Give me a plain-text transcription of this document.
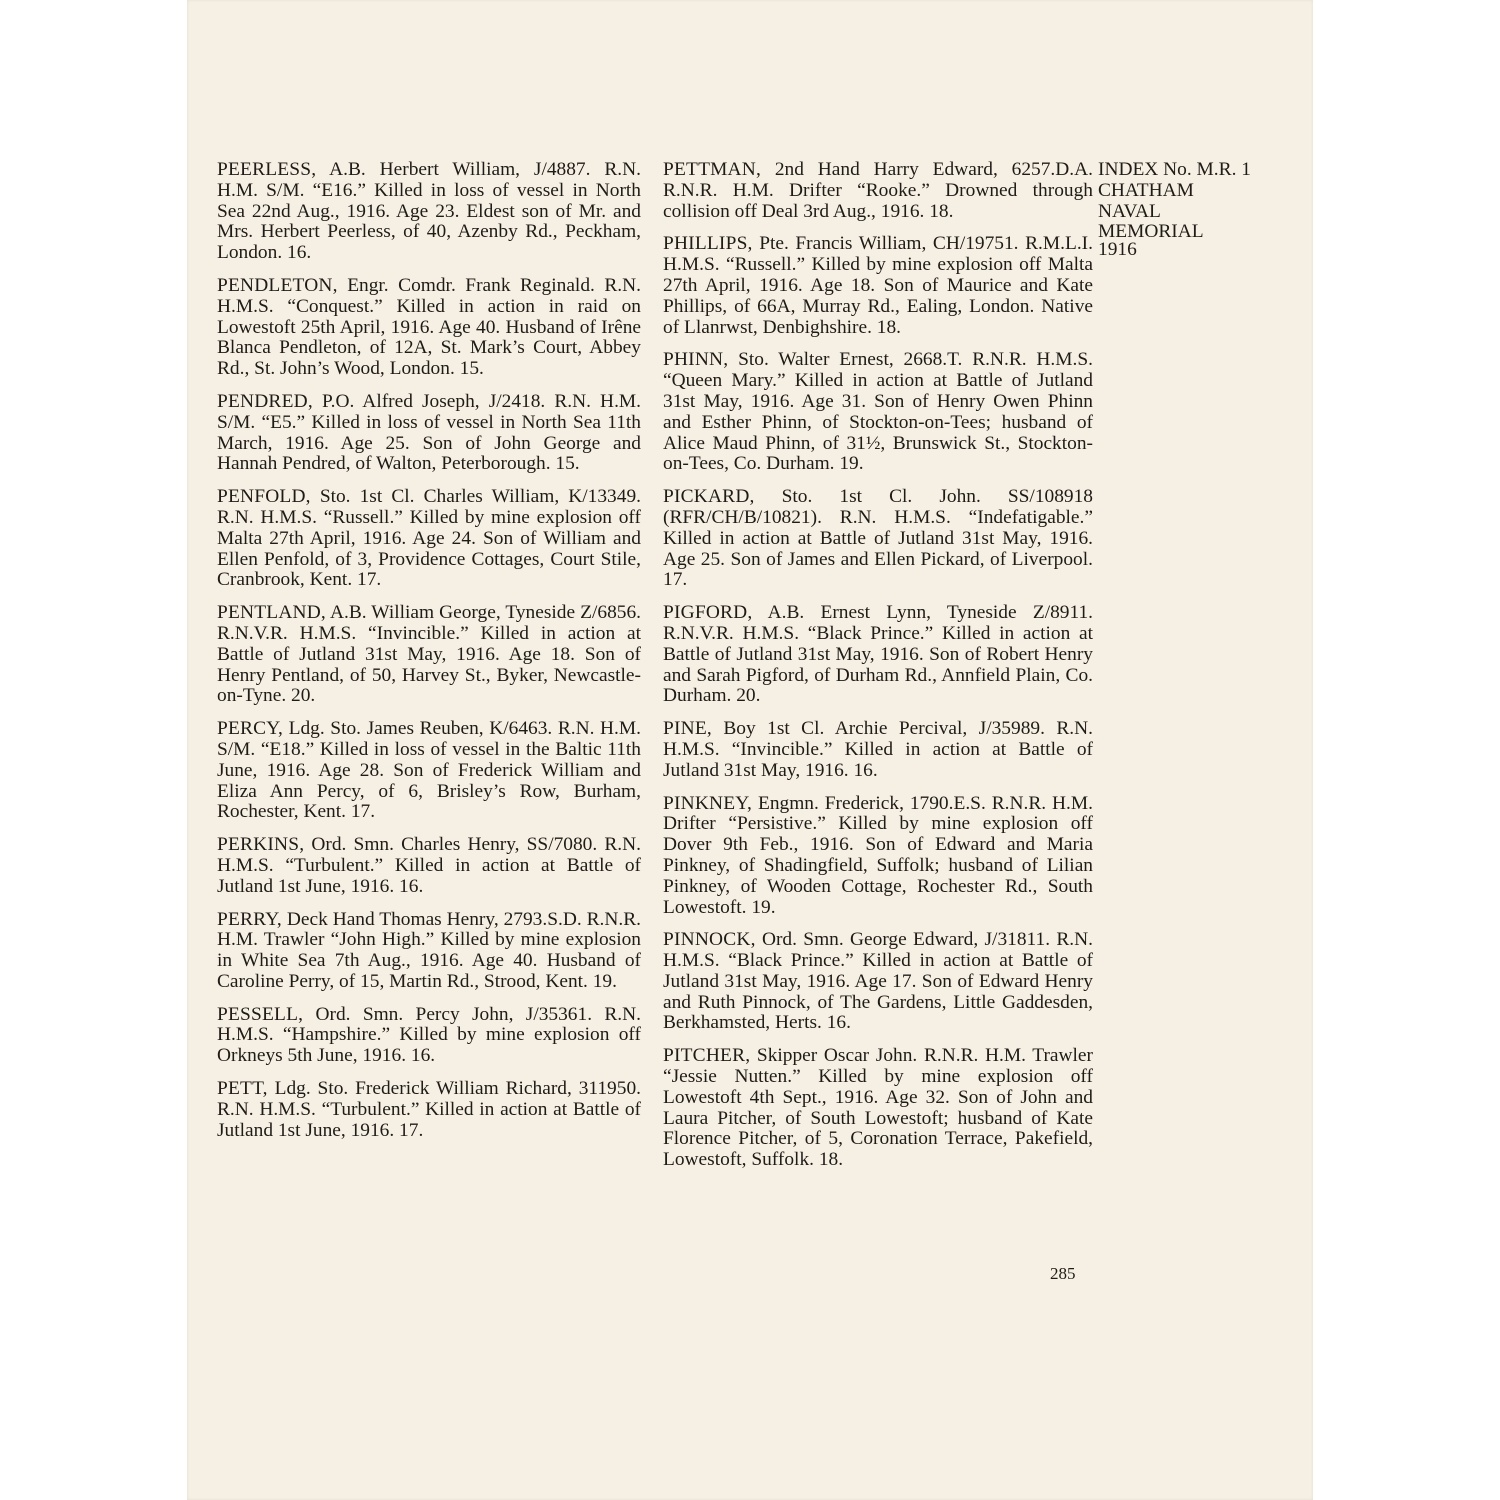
PEERLESS, A.B. Herbert William, J/4887. R.N. H.M. S/M. “E16.” Killed in loss of vessel in North Sea 22nd Aug., 1916. Age 23. Eldest son of Mr. and Mrs. Herbert Peerless, of 40, Azenby Rd., Peckham, London. 16.

PENDLETON, Engr. Comdr. Frank Reginald. R.N. H.M.S. “Conquest.” Killed in action in raid on Lowestoft 25th April, 1916. Age 40. Husband of Irêne Blanca Pendleton, of 12A, St. Mark’s Court, Abbey Rd., St. John’s Wood, London. 15.

PENDRED, P.O. Alfred Joseph, J/2418. R.N. H.M. S/M. “E5.” Killed in loss of vessel in North Sea 11th March, 1916. Age 25. Son of John George and Hannah Pendred, of Walton, Peterborough. 15.

PENFOLD, Sto. 1st Cl. Charles William, K/13349. R.N. H.M.S. “Russell.” Killed by mine explosion off Malta 27th April, 1916. Age 24. Son of William and Ellen Penfold, of 3, Providence Cottages, Court Stile, Cranbrook, Kent. 17.

PENTLAND, A.B. William George, Tyneside Z/6856. R.N.V.R. H.M.S. “Invincible.” Killed in action at Battle of Jutland 31st May, 1916. Age 18. Son of Henry Pentland, of 50, Harvey St., Byker, Newcastle-on-Tyne. 20.

PERCY, Ldg. Sto. James Reuben, K/6463. R.N. H.M. S/M. “E18.” Killed in loss of vessel in the Baltic 11th June, 1916. Age 28. Son of Frederick William and Eliza Ann Percy, of 6, Brisley’s Row, Burham, Rochester, Kent. 17.

PERKINS, Ord. Smn. Charles Henry, SS/7080. R.N. H.M.S. “Turbulent.” Killed in action at Battle of Jutland 1st June, 1916. 16.

PERRY, Deck Hand Thomas Henry, 2793.S.D. R.N.R. H.M. Trawler “John High.” Killed by mine explosion in White Sea 7th Aug., 1916. Age 40. Husband of Caroline Perry, of 15, Martin Rd., Strood, Kent. 19.

PESSELL, Ord. Smn. Percy John, J/35361. R.N. H.M.S. “Hampshire.” Killed by mine explosion off Orkneys 5th June, 1916. 16.

PETT, Ldg. Sto. Frederick William Richard, 311950. R.N. H.M.S. “Turbulent.” Killed in action at Battle of Jutland 1st June, 1916. 17.

PETTMAN, 2nd Hand Harry Edward, 6257.D.A. R.N.R. H.M. Drifter “Rooke.” Drowned through collision off Deal 3rd Aug., 1916. 18.

PHILLIPS, Pte. Francis William, CH/19751. R.M.L.I. H.M.S. “Russell.” Killed by mine explosion off Malta 27th April, 1916. Age 18. Son of Maurice and Kate Phillips, of 66A, Murray Rd., Ealing, London. Native of Llanrwst, Denbighshire. 18.

PHINN, Sto. Walter Ernest, 2668.T. R.N.R. H.M.S. “Queen Mary.” Killed in action at Battle of Jutland 31st May, 1916. Age 31. Son of Henry Owen Phinn and Esther Phinn, of Stockton-on-Tees; husband of Alice Maud Phinn, of 31½, Brunswick St., Stockton-on-Tees, Co. Durham. 19.

PICKARD, Sto. 1st Cl. John. SS/108918 (RFR/CH/B/10821). R.N. H.M.S. “Indefatigable.” Killed in action at Battle of Jutland 31st May, 1916. Age 25. Son of James and Ellen Pickard, of Liverpool. 17.

PIGFORD, A.B. Ernest Lynn, Tyneside Z/8911. R.N.V.R. H.M.S. “Black Prince.” Killed in action at Battle of Jutland 31st May, 1916. Son of Robert Henry and Sarah Pigford, of Durham Rd., Annfield Plain, Co. Durham. 20.

PINE, Boy 1st Cl. Archie Percival, J/35989. R.N. H.M.S. “Invincible.” Killed in action at Battle of Jutland 31st May, 1916. 16.

PINKNEY, Engmn. Frederick, 1790.E.S. R.N.R. H.M. Drifter “Persistive.” Killed by mine explosion off Dover 9th Feb., 1916. Son of Edward and Maria Pinkney, of Shadingfield, Suffolk; husband of Lilian Pinkney, of Wooden Cottage, Rochester Rd., South Lowestoft. 19.

PINNOCK, Ord. Smn. George Edward, J/31811. R.N. H.M.S. “Black Prince.” Killed in action at Battle of Jutland 31st May, 1916. Age 17. Son of Edward Henry and Ruth Pinnock, of The Gardens, Little Gaddesden, Berkhamsted, Herts. 16.

PITCHER, Skipper Oscar John. R.N.R. H.M. Trawler “Jessie Nutten.” Killed by mine explosion off Lowestoft 4th Sept., 1916. Age 32. Son of John and Laura Pitcher, of South Lowestoft; husband of Kate Florence Pitcher, of 5, Coronation Terrace, Pakefield, Lowestoft, Suffolk. 18.

INDEX No. M.R. 1
CHATHAM
NAVAL
MEMORIAL
1916
285
